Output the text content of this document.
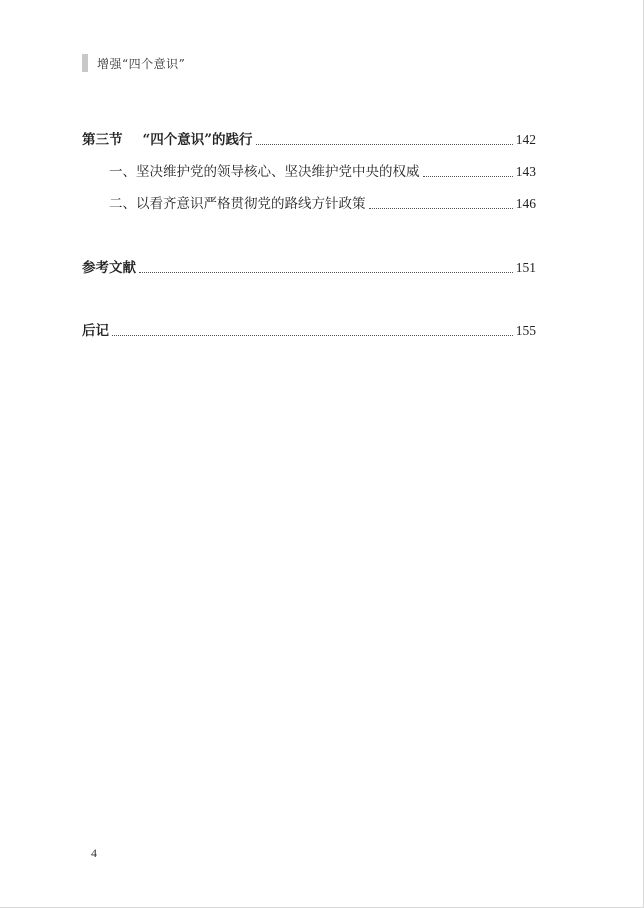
增强“四个意识”
第三节 “四个意识”的践行	142
一、坚决维护党的领导核心、坚决维护党中央的权威	143
二、以看齐意识严格贯彻党的路线方针政策	146
参考文献	151
后记	155
4
